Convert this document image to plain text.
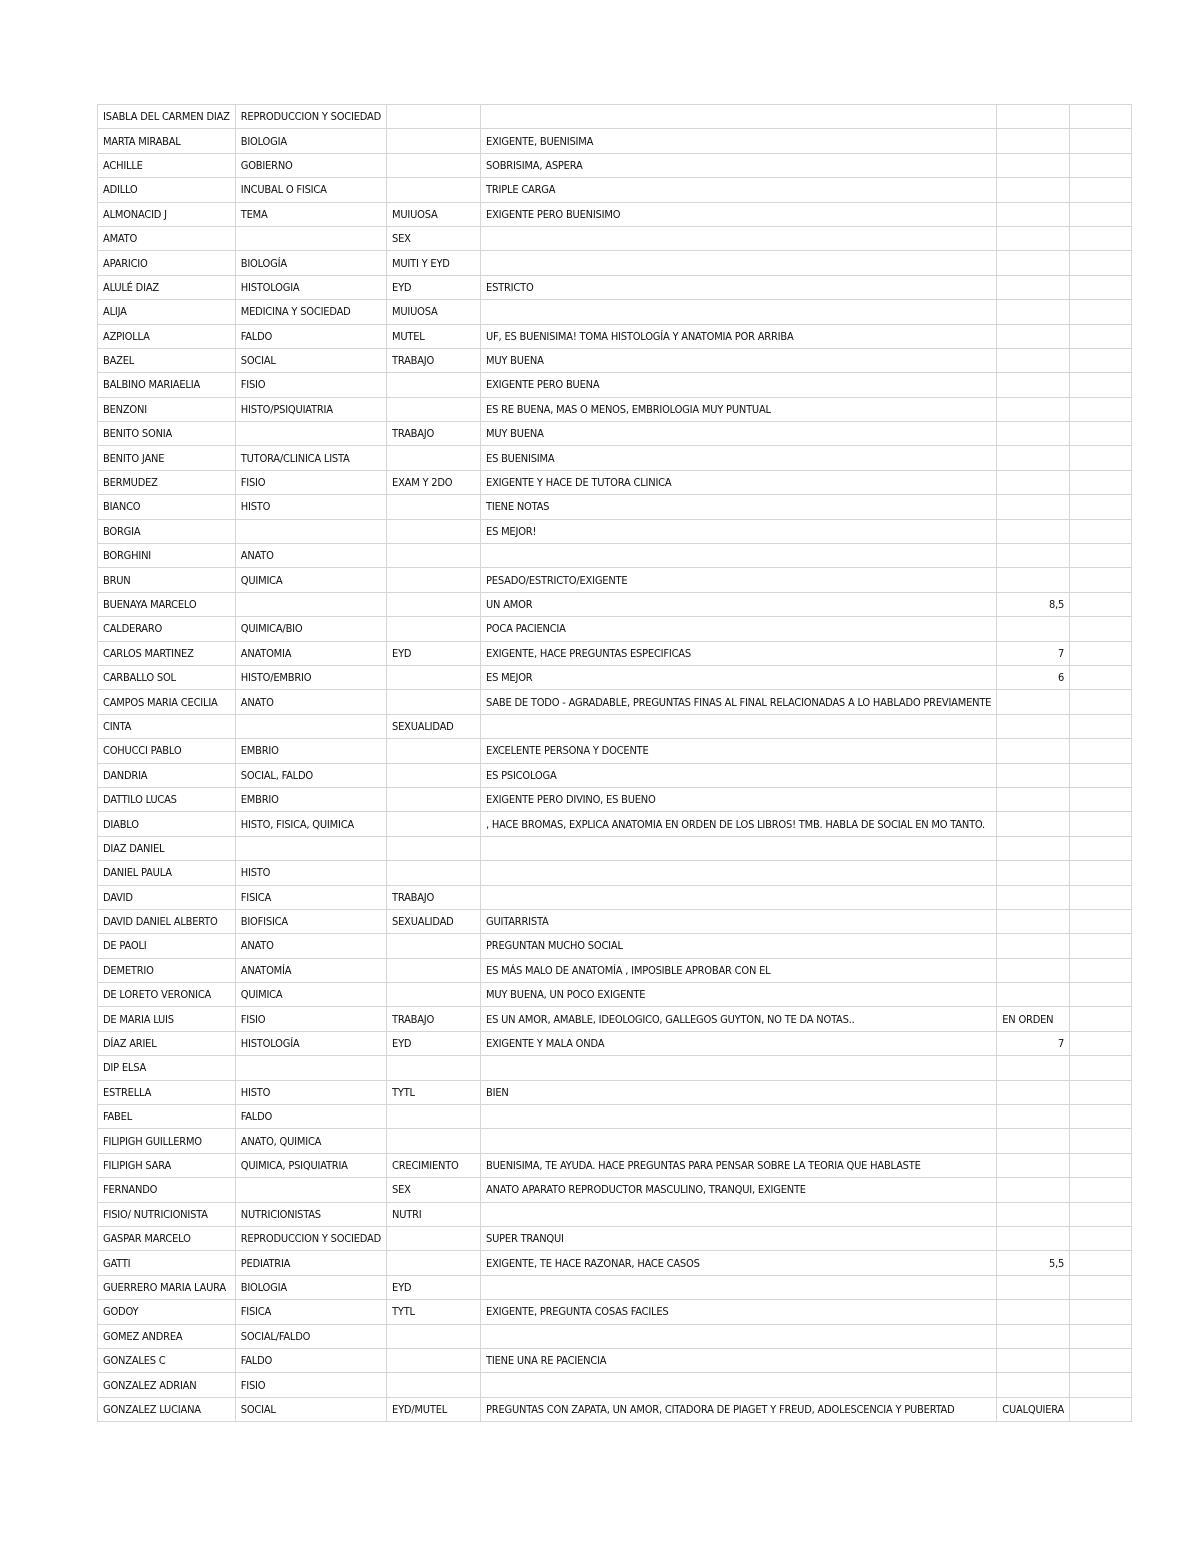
ISABLA DEL CARMEN DIAZ	REPRODUCCION Y SOCIEDAD				
MARTA MIRABAL	BIOLOGIA		EXIGENTE, BUENISIMA		
ACHILLE	GOBIERNO		SOBRISIMA, ASPERA		
ADILLO	INCUBAL O FISICA		TRIPLE CARGA		
ALMONACID J	TEMA	MUIUOSA	EXIGENTE PERO BUENISIMO		
AMATO		SEX			
APARICIO	BIOLOGÍA	MUITI Y EYD			
ALULÉ DIAZ	HISTOLOGIA	EYD	ESTRICTO		
ALIJA	MEDICINA Y SOCIEDAD	MUIUOSA			
AZPIOLLA	FALDO	MUTEL	UF, ES BUENISIMA! TOMA HISTOLOGÍA Y ANATOMIA POR ARRIBA		
BAZEL	SOCIAL	TRABAJO	MUY BUENA		
BALBINO MARIAELIA	FISIO		EXIGENTE PERO BUENA		
BENZONI	HISTO/PSIQUIATRIA		ES RE BUENA, MAS O MENOS, EMBRIOLOGIA MUY PUNTUAL		
BENITO SONIA		TRABAJO	MUY BUENA		
BENITO JANE	TUTORA/CLINICA LISTA		ES BUENISIMA		
BERMUDEZ	FISIO	EXAM Y 2DO	EXIGENTE Y HACE DE TUTORA CLINICA		
BIANCO	HISTO		TIENE NOTAS		
BORGIA			ES MEJOR!		
BORGHINI	ANATO				
BRUN	QUIMICA		PESADO/ESTRICTO/EXIGENTE		
BUENAYA MARCELO			UN AMOR	8,5	
CALDERARO	QUIMICA/BIO		POCA PACIENCIA		
CARLOS MARTINEZ	ANATOMIA	EYD	EXIGENTE, HACE PREGUNTAS ESPECIFICAS	7	
CARBALLO SOL	HISTO/EMBRIO		ES MEJOR	6	
CAMPOS MARIA CECILIA	ANATO		SABE DE TODO - AGRADABLE, PREGUNTAS FINAS AL FINAL RELACIONADAS A LO HABLADO PREVIAMENTE		
CINTA		SEXUALIDAD			
COHUCCI PABLO	EMBRIO		EXCELENTE PERSONA Y DOCENTE		
DANDRIA	SOCIAL, FALDO		ES PSICOLOGA		
DATTILO LUCAS	EMBRIO		EXIGENTE PERO DIVINO, ES BUENO		
DIABLO	HISTO, FISICA, QUIMICA		, HACE BROMAS, EXPLICA ANATOMIA EN ORDEN DE LOS LIBROS! TMB. HABLA DE SOCIAL EN MO TANTO.		
DIAZ DANIEL					
DANIEL PAULA	HISTO				
DAVID	FISICA	TRABAJO			
DAVID DANIEL ALBERTO	BIOFISICA	SEXUALIDAD	GUITARRISTA		
DE PAOLI	ANATO		PREGUNTAN MUCHO SOCIAL		
DEMETRIO	ANATOMÍA		ES MÁS MALO DE ANATOMÍA , IMPOSIBLE APROBAR CON EL		
DE LORETO VERONICA	QUIMICA		MUY BUENA, UN POCO EXIGENTE		
DE MARIA LUIS	FISIO	TRABAJO	ES UN AMOR, AMABLE, IDEOLOGICO, GALLEGOS GUYTON, NO TE DA NOTAS..	EN ORDEN	
DÍAZ ARIEL	HISTOLOGÍA	EYD	EXIGENTE Y MALA ONDA	7	
DIP ELSA					
ESTRELLA	HISTO	TYTL	BIEN		
FABEL	FALDO				
FILIPIGH GUILLERMO	ANATO, QUIMICA				
FILIPIGH SARA	QUIMICA, PSIQUIATRIA	CRECIMIENTO	BUENISIMA, TE AYUDA. HACE PREGUNTAS PARA PENSAR SOBRE LA TEORIA QUE HABLASTE		
FERNANDO		SEX	ANATO APARATO REPRODUCTOR MASCULINO, TRANQUI, EXIGENTE		
FISIO/ NUTRICIONISTA	NUTRICIONISTAS	NUTRI			
GASPAR MARCELO	REPRODUCCION Y SOCIEDAD		SUPER TRANQUI		
GATTI	PEDIATRIA		EXIGENTE, TE HACE RAZONAR, HACE CASOS	5,5	
GUERRERO MARIA LAURA	BIOLOGIA	EYD			
GODOY	FISICA	TYTL	EXIGENTE, PREGUNTA COSAS FACILES		
GOMEZ ANDREA	SOCIAL/FALDO				
GONZALES C	FALDO		TIENE UNA RE PACIENCIA		
GONZALEZ ADRIAN	FISIO				
GONZALEZ LUCIANA	SOCIAL	EYD/MUTEL	PREGUNTAS CON ZAPATA, UN AMOR, CITADORA DE PIAGET Y FREUD, ADOLESCENCIA Y PUBERTAD	CUALQUIERA	
